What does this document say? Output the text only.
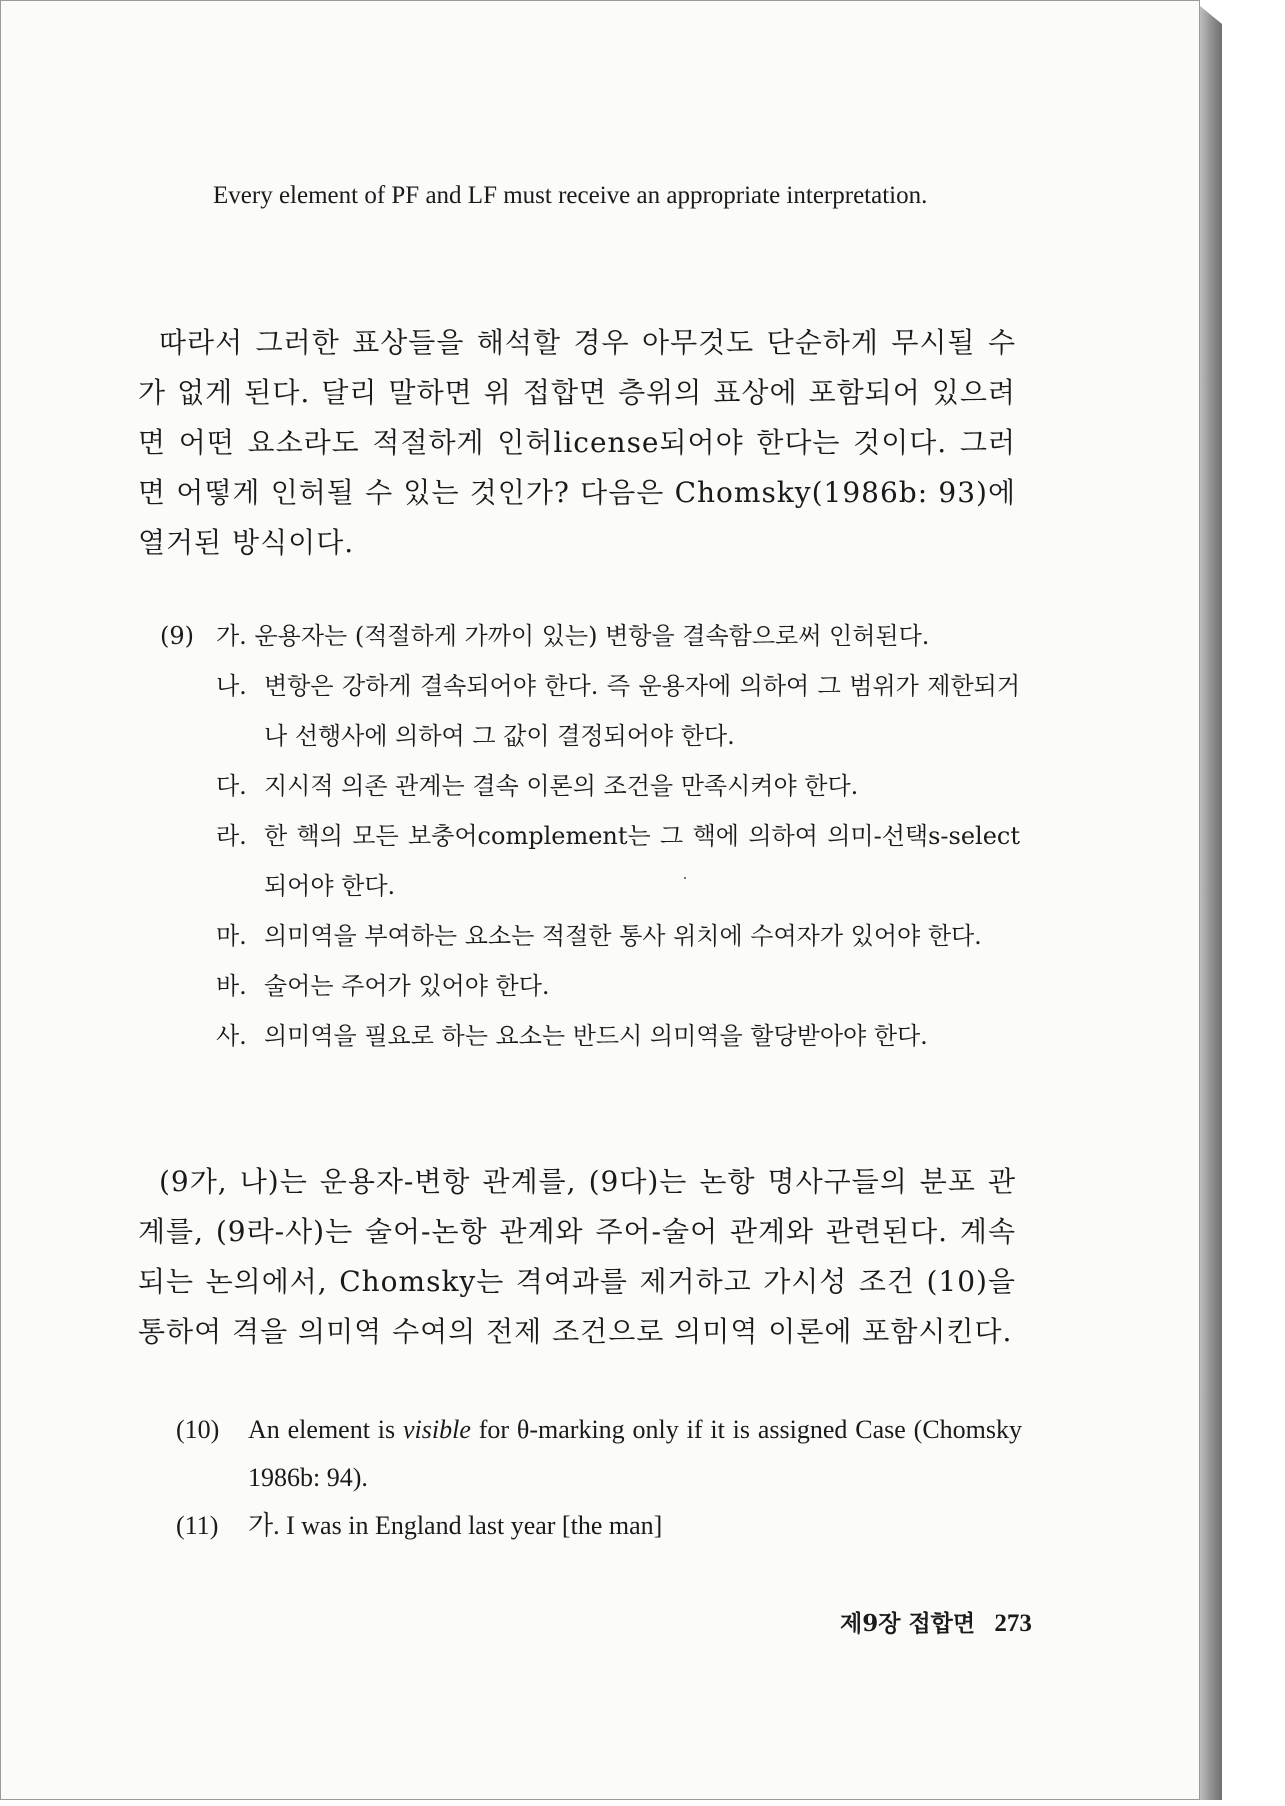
Every element of PF and LF must receive an appropriate interpretation.
따라서 그러한 표상들을 해석할 경우 아무것도 단순하게 무시될 수가 없게 된다. 달리 말하면 위 접합면 층위의 표상에 포함되어 있으려면 어떤 요소라도 적절하게 인허license되어야 한다는 것이다. 그러면 어떻게 인허될 수 있는 것인가? 다음은 Chomsky(1986b: 93)에 열거된 방식이다.
(9) 가. 운용자는 (적절하게 가까이 있는) 변항을 결속함으로써 인허된다.
나. 변항은 강하게 결속되어야 한다. 즉 운용자에 의하여 그 범위가 제한되거나 선행사에 의하여 그 값이 결정되어야 한다.
다. 지시적 의존 관계는 결속 이론의 조건을 만족시켜야 한다.
라. 한 핵의 모든 보충어complement는 그 핵에 의하여 의미-선택s-select되어야 한다.
마. 의미역을 부여하는 요소는 적절한 통사 위치에 수여자가 있어야 한다.
바. 술어는 주어가 있어야 한다.
사. 의미역을 필요로 하는 요소는 반드시 의미역을 할당받아야 한다.
(9가, 나)는 운용자-변항 관계를, (9다)는 논항 명사구들의 분포 관계를, (9라-사)는 술어-논항 관계와 주어-술어 관계와 관련된다. 계속되는 논의에서, Chomsky는 격여과를 제거하고 가시성 조건 (10)을 통하여 격을 의미역 수여의 전제 조건으로 의미역 이론에 포함시킨다.
(10)	An element is visible for θ-marking only if it is assigned Case (Chomsky 1986b: 94).
(11)	가. I was in England last year [the man]
제9장 접합면 273
